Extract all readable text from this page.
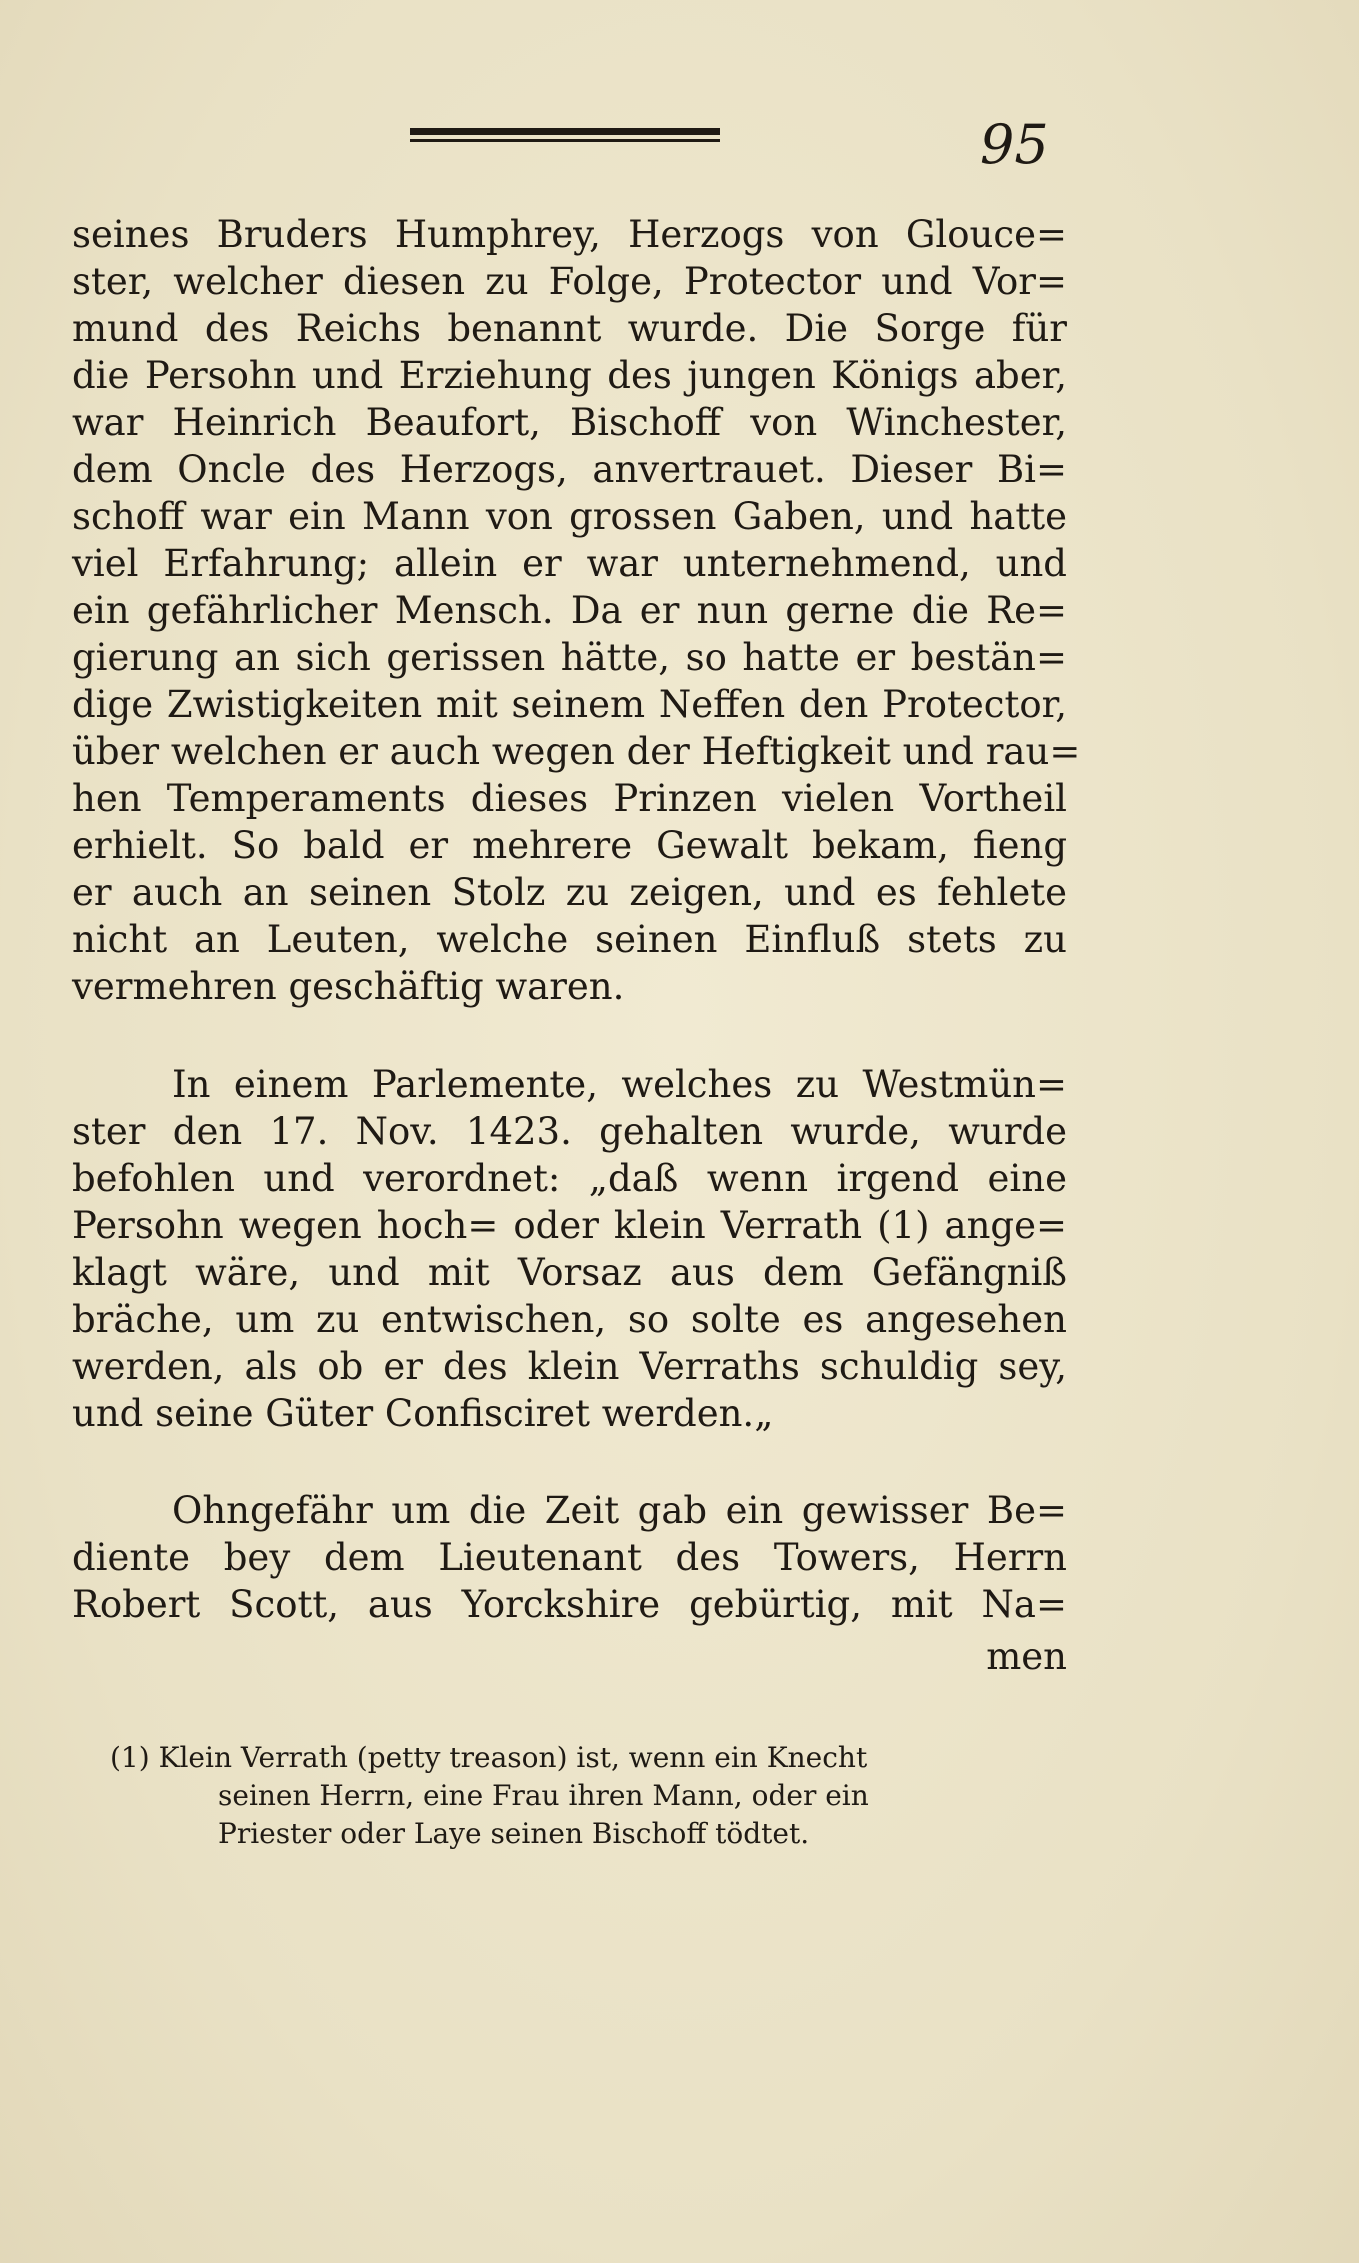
95
seines Bruders Humphrey, Herzogs von Glouce=
ster, welcher diesen zu Folge, Protector und Vor=
mund des Reichs benannt wurde. Die Sorge für
die Persohn und Erziehung des jungen Königs aber,
war Heinrich Beaufort, Bischoff von Winchester,
dem Oncle des Herzogs, anvertrauet. Dieser Bi=
schoff war ein Mann von grossen Gaben, und hatte
viel Erfahrung; allein er war unternehmend, und
ein gefährlicher Mensch. Da er nun gerne die Re=
gierung an sich gerissen hätte, so hatte er bestän=
dige Zwistigkeiten mit seinem Neffen den Protector,
über welchen er auch wegen der Heftigkeit und rau=
hen Temperaments dieses Prinzen vielen Vortheil
erhielt. So bald er mehrere Gewalt bekam, fieng
er auch an seinen Stolz zu zeigen, und es fehlete
nicht an Leuten, welche seinen Einfluß stets zu
vermehren geschäftig waren.
In einem Parlemente, welches zu Westmün=
ster den 17. Nov. 1423. gehalten wurde, wurde
befohlen und verordnet: „daß wenn irgend eine
Persohn wegen hoch= oder klein Verrath (1) ange=
klagt wäre, und mit Vorsaz aus dem Gefängniß
bräche, um zu entwischen, so solte es angesehen
werden, als ob er des klein Verraths schuldig sey,
und seine Güter Confisciret werden.„
Ohngefähr um die Zeit gab ein gewisser Be=
diente bey dem Lieutenant des Towers, Herrn
Robert Scott, aus Yorckshire gebürtig, mit Na=
men
(1) Klein Verrath (petty treason) ist, wenn ein Knecht
seinen Herrn, eine Frau ihren Mann, oder ein
Priester oder Laye seinen Bischoff tödtet.
